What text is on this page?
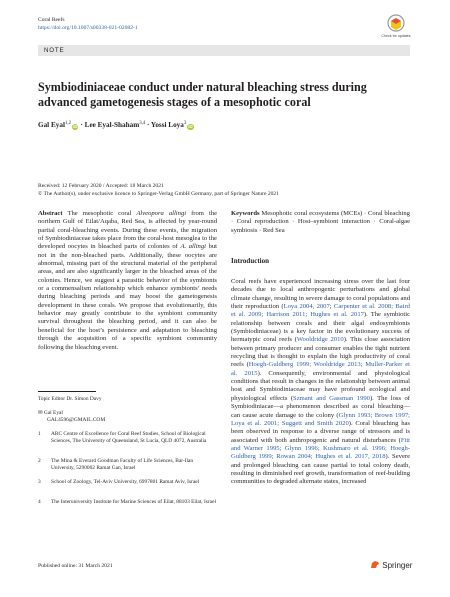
Coral Reefs
https://doi.org/10.1007/s00338-021-02082-1
Check for updates
NOTE
Symbiodiniaceae conduct under natural bleaching stress during advanced gametogenesis stages of a mesophotic coral
Gal Eyal$^{1,2}$ iD · Lee Eyal-Shaham$^{3,4}$ · Yossi Loya$^3$ iD
Received: 12 February 2020 / Accepted: 18 March 2021
© The Author(s), under exclusive licence to Springer-Verlag GmbH Germany, part of Springer Nature 2021

Abstract The mesophotic coral Alveopora allingi from the northern Gulf of Eilat/Aqaba, Red Sea, is affected by year-round partial coral-bleaching events. During these events, the migration of Symbiodiniaceae takes place from the coral-host mesoglea to the developed oocytes in bleached parts of colonies of A. allingi but not in the non-bleached parts. Additionally, these oocytes are abnormal, missing part of the structural material of the peripheral areas, and are also significantly larger in the bleached areas of the colonies. Hence, we suggest a parasitic behavior of the symbionts or a commensalism relationship which enhance symbionts’ needs during bleaching periods and may boost the gametogenesis development in these corals. We propose that evolutionarily, this behavior may greatly contribute to the symbiont community survival throughout the bleaching period, and it can also be beneficial for the host’s persistence and adaptation to bleaching through the acquisition of a specific symbiont community following the bleaching event.

Keywords Mesophotic coral ecosystems (MCEs) · Coral bleaching · Coral reproduction · Host–symbiont interaction · Coral-algae symbiosis · Red Sea

Introduction

Coral reefs have experienced increasing stress over the last four decades due to local anthropogenic perturbations and global climate change, resulting in severe damage to coral populations and their reproduction (Loya 2004, 2007; Carpenter et al. 2008; Baird et al. 2009; Harrison 2011; Hughes et al. 2017). The symbiotic relationship between corals and their algal endosymbionts (Symbiodiniaceae) is a key factor in the evolutionary success of hermatypic coral reefs (Wooldridge 2010). This close association between primary producer and consumer enables the tight nutrient recycling that is thought to explain the high productivity of coral reefs (Hoegh-Guldberg 1999; Wooldridge 2013; Muller-Parker et al. 2015). Consequently, environmental and physiological conditions that result in changes in the relationship between animal host and Symbiodiniaceae may have profound ecological and physiological effects (Szmant and Gassman 1990). The loss of Symbiodiniacae—a phenomenon described as coral bleaching—can cause acute damage to the colony (Glynn 1993; Brown 1997; Loya et al. 2001; Suggett and Smith 2020). Coral bleaching has been observed in response to a diverse range of stressors and is associated with both anthropogenic and natural disturbances (Fitt and Warner 1995; Glynn 1996; Kushmaro et al. 1996; Hoegh-Guldberg 1999; Rowan 2004; Hughes et al. 2017, 2018). Severe and prolonged bleaching can cause partial to total colony death, resulting in diminished reef growth, transformation of reef-building communities to degraded alternate states, increased

Topic Editor Dr. Simon Davy
✉ Gal Eyal
GAL4596@GMAIL.COM
1 ARC Centre of Excellence for Coral Reef Studies, School of Biological Sciences, The University of Queensland, St Lucia, QLD 4072, Australia
2 The Mina & Everard Goodman Faculty of Life Sciences, Bar-Ilan University, 5290002 Ramat Gan, Israel
3 School of Zoology, Tel-Aviv University, 6997801 Ramat Aviv, Israel
4 The Interuniversity Institute for Marine Sciences of Eilat, 88103 Eilat, Israel
Published online: 31 March 2021	Springer
